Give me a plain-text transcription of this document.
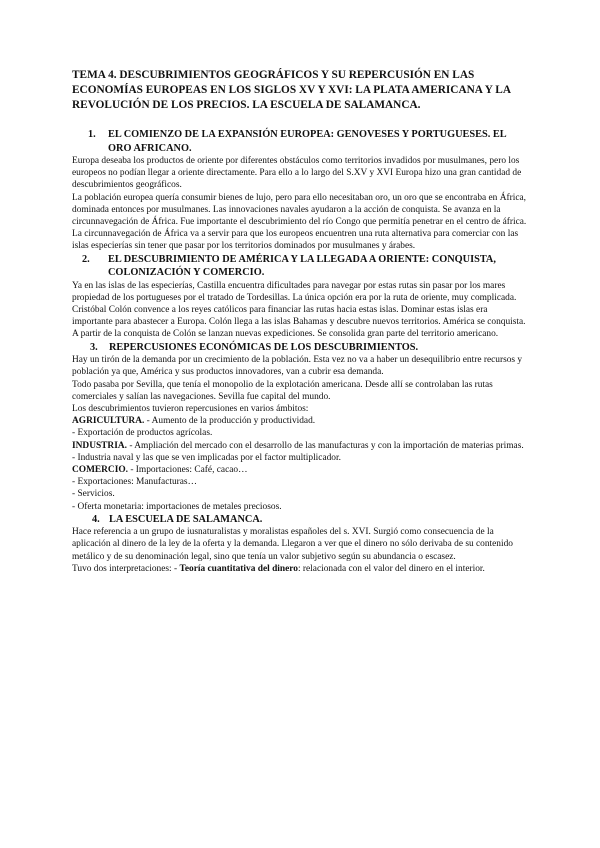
TEMA 4. DESCUBRIMIENTOS GEOGRÁFICOS Y SU REPERCUSIÓN EN LAS ECONOMÍAS EUROPEAS EN LOS SIGLOS XV Y XVI: LA PLATA AMERICANA Y LA REVOLUCIÓN DE LOS PRECIOS. LA ESCUELA DE SALAMANCA.
1.	EL COMIENZO DE LA EXPANSIÓN EUROPEA: GENOVESES Y PORTUGUESES. EL ORO AFRICANO.

Europa deseaba los productos de oriente por diferentes obstáculos como territorios invadidos por musulmanes, pero los europeos no podían llegar a oriente directamente. Para ello a lo largo del S.XV y XVI Europa hizo una gran cantidad de descubrimientos geográficos.

La población europea quería consumir bienes de lujo, pero para ello necesitaban oro, un oro que se encontraba en África, dominada entonces por musulmanes. Las innovaciones navales ayudaron a la acción de conquista. Se avanza en la circunnavegación de África. Fue importante el descubrimiento del río Congo que permitía penetrar en el centro de áfrica.

La circunnavegación de África va a servir para que los europeos encuentren una ruta alternativa para comerciar con las islas especierías sin tener que pasar por los territorios dominados por musulmanes y árabes.

2.	EL DESCUBRIMIENTO DE AMÉRICA Y LA LLEGADA A ORIENTE: CONQUISTA, COLONIZACIÓN Y COMERCIO.

Ya en las islas de las especierías, Castilla encuentra dificultades para navegar por estas rutas sin pasar por los mares propiedad de los portugueses por el tratado de Tordesillas. La única opción era por la ruta de oriente, muy complicada. Cristóbal Colón convence a los reyes católicos para financiar las rutas hacia estas islas. Dominar estas islas era importante para abastecer a Europa. Colón llega a las islas Bahamas y descubre nuevos territorios. América se conquista. A partir de la conquista de Colón se lanzan nuevas expediciones. Se consolida gran parte del territorio americano.

3.	REPERCUSIONES ECONÓMICAS DE LOS DESCUBRIMIENTOS.

Hay un tirón de la demanda por un crecimiento de la población. Esta vez no va a haber un desequilibrio entre recursos y población ya que, América y sus productos innovadores, van a cubrir esa demanda.

Todo pasaba por Sevilla, que tenía el monopolio de la explotación americana. Desde allí se controlaban las rutas comerciales y salían las navegaciones. Sevilla fue capital del mundo.

Los descubrimientos tuvieron repercusiones en varios ámbitos:

AGRICULTURA. - Aumento de la producción y productividad.

- Exportación de productos agrícolas.

INDUSTRIA. - Ampliación del mercado con el desarrollo de las manufacturas y con la importación de materias primas.

- Industria naval y las que se ven implicadas por el factor multiplicador.

COMERCIO. - Importaciones: Café, cacao…

- Exportaciones: Manufacturas…

- Servicios.

- Oferta monetaria: importaciones de metales preciosos.

4. LA ESCUELA DE SALAMANCA.

Hace referencia a un grupo de iusnaturalistas y moralistas españoles del s. XVI. Surgió como consecuencia de la aplicación al dinero de la ley de la oferta y la demanda. Llegaron a ver que el dinero no sólo derivaba de su contenido metálico y de su denominación legal, sino que tenía un valor subjetivo según su abundancia o escasez.

Tuvo dos interpretaciones: - Teoría cuantitativa del dinero: relacionada con el valor del dinero en el interior.
